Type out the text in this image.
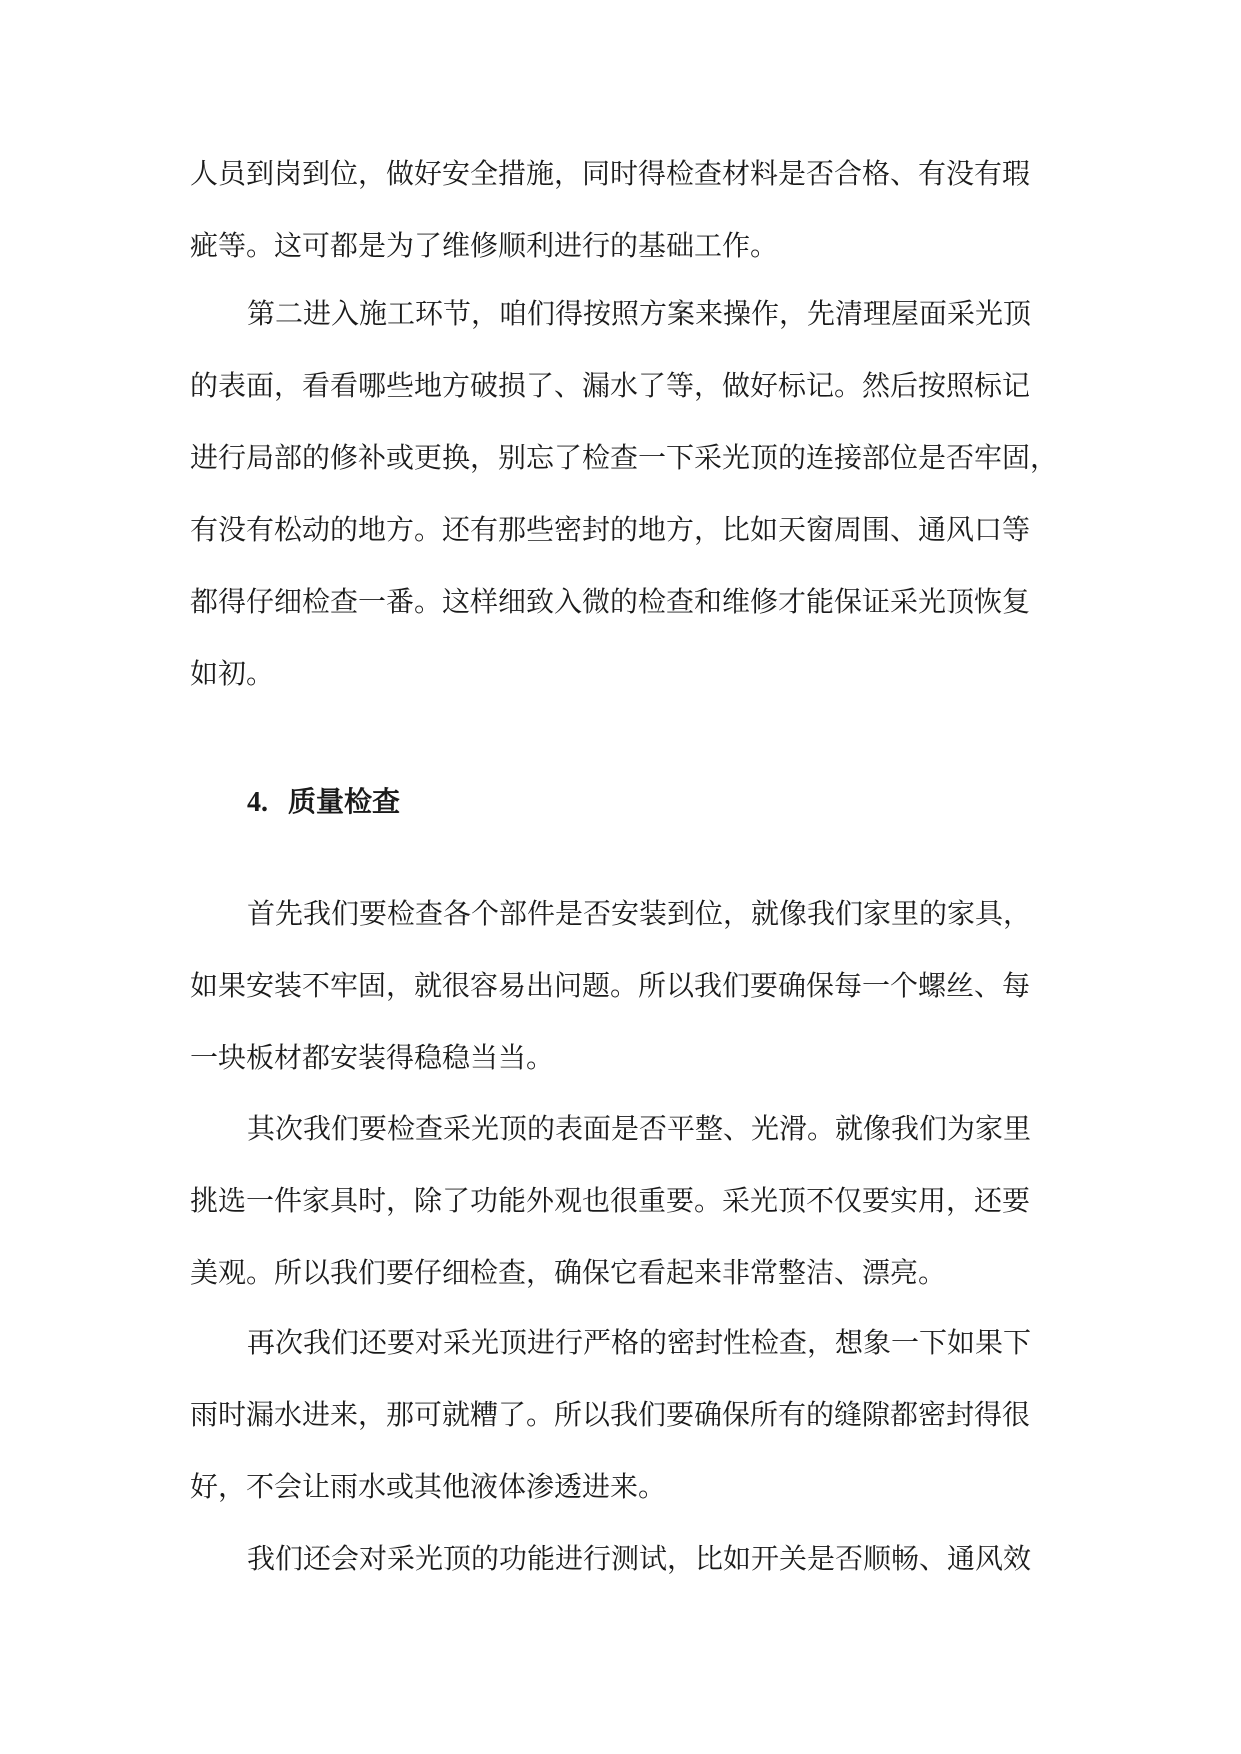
人员到岗到位，做好安全措施，同时得检查材料是否合格、有没有瑕
疵等。这可都是为了维修顺利进行的基础工作。

第二进入施工环节，咱们得按照方案来操作，先清理屋面采光顶
的表面，看看哪些地方破损了、漏水了等，做好标记。然后按照标记
进行局部的修补或更换，别忘了检查一下采光顶的连接部位是否牢固，
有没有松动的地方。还有那些密封的地方，比如天窗周围、通风口等
都得仔细检查一番。这样细致入微的检查和维修才能保证采光顶恢复
如初。

4. 质量检查

首先我们要检查各个部件是否安装到位，就像我们家里的家具，
如果安装不牢固，就很容易出问题。所以我们要确保每一个螺丝、每
一块板材都安装得稳稳当当。

其次我们要检查采光顶的表面是否平整、光滑。就像我们为家里
挑选一件家具时，除了功能外观也很重要。采光顶不仅要实用，还要
美观。所以我们要仔细检查，确保它看起来非常整洁、漂亮。

再次我们还要对采光顶进行严格的密封性检查，想象一下如果下
雨时漏水进来，那可就糟了。所以我们要确保所有的缝隙都密封得很
好，不会让雨水或其他液体渗透进来。

我们还会对采光顶的功能进行测试，比如开关是否顺畅、通风效
